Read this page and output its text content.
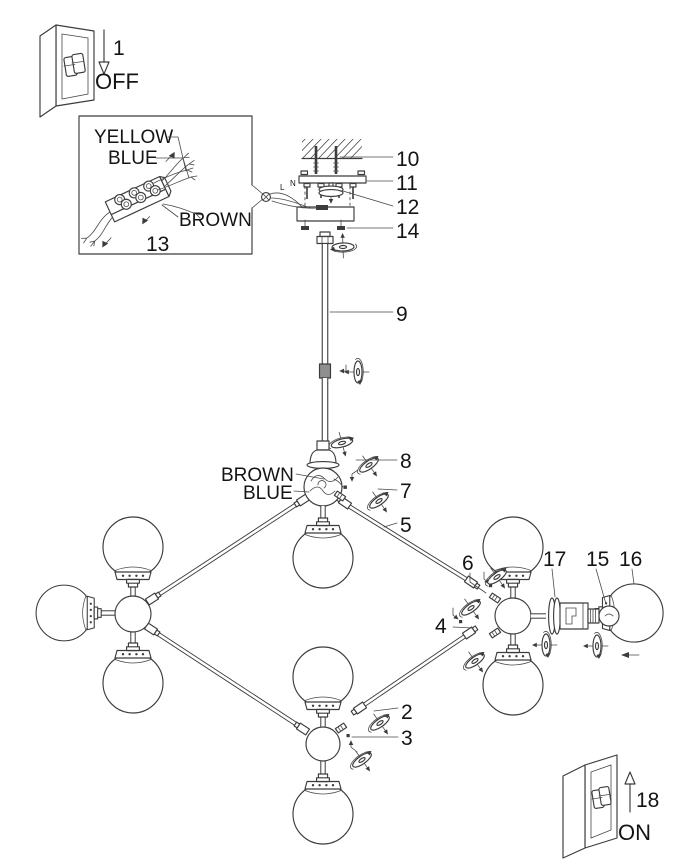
1
OFF
YELLOW
BLUE
BROWN
13
L N
BROWN
BLUE
10
11
12
14
9
8
7
5
6
4
17 15 16
2
3
18
ON
